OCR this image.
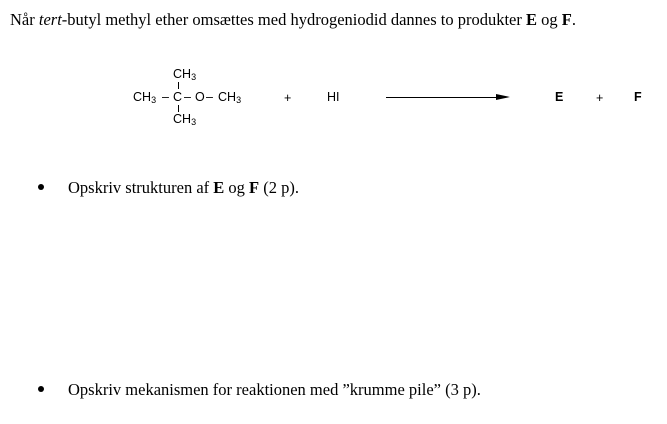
Når tert-butyl methyl ether omsættes med hydrogeniodid dannes to produkter E og F.
$CH_3$
$CH_3$ – C – O – $CH_3$
$CH_3$
+	HI	E	+ F
Opskriv strukturen af E og F (2 p).
Opskriv mekanismen for reaktionen med ”krumme pile” (3 p).
